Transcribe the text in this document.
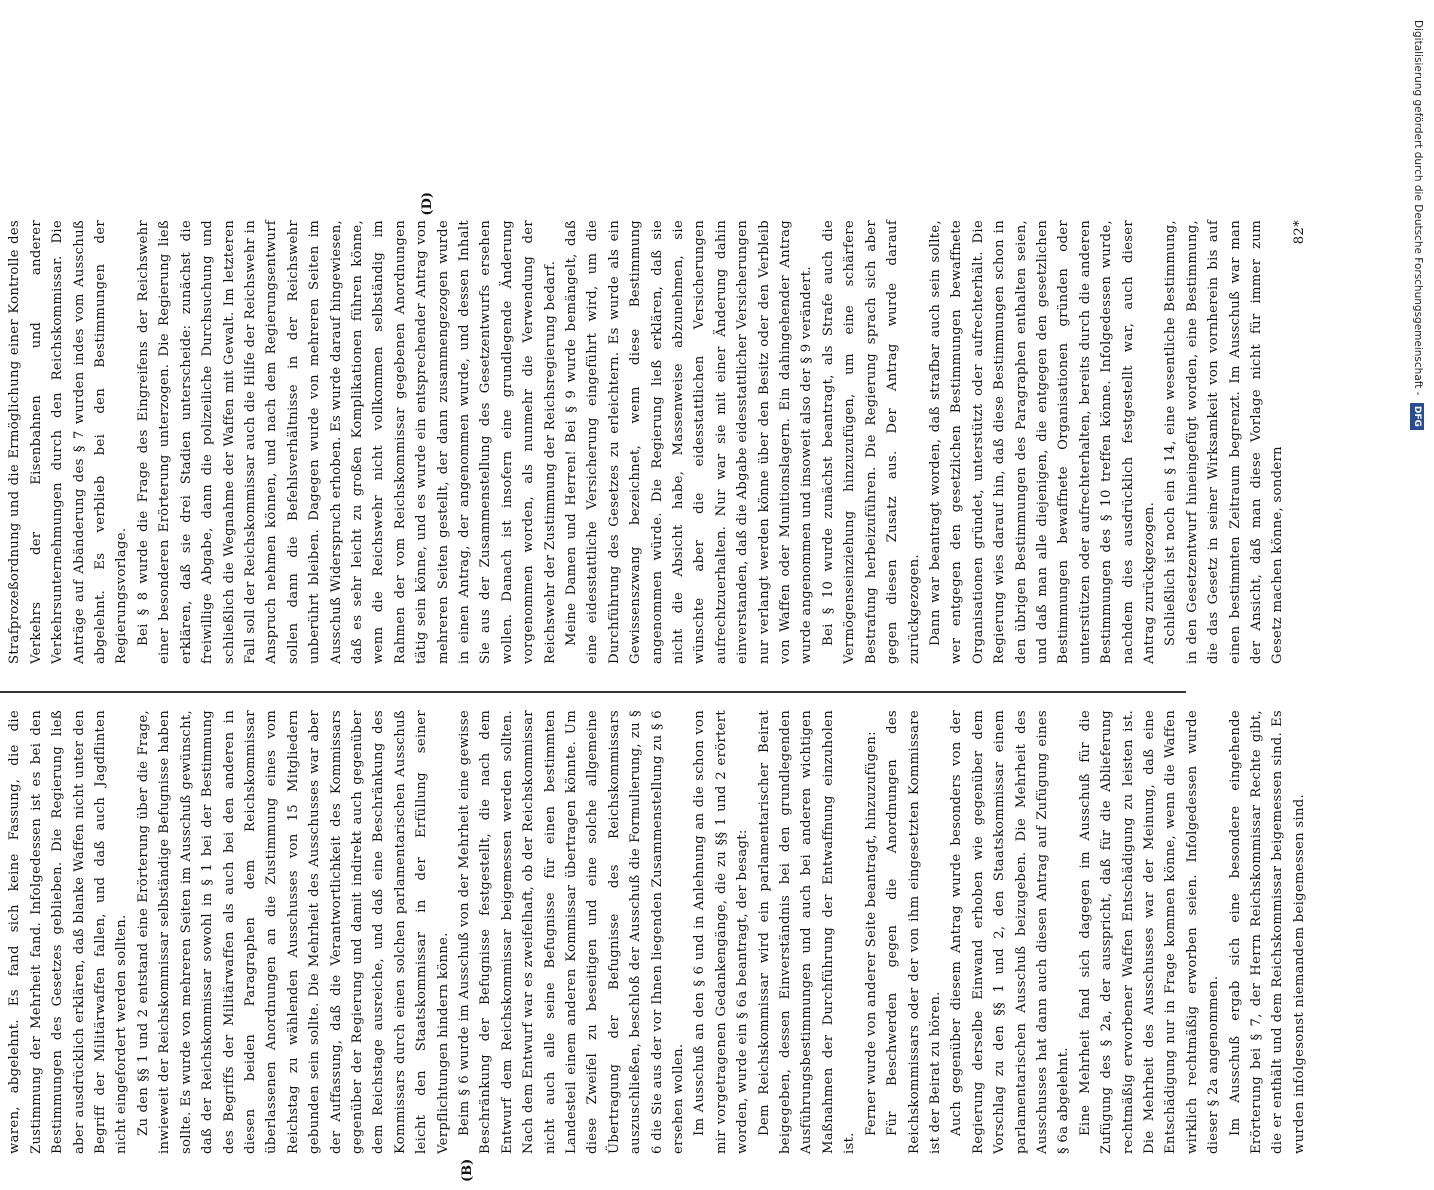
(B)
(D)

waren, abgelehnt. Es fand sich keine Fassung, die die Zustimmung der Mehrheit fand. Infolgedessen ist es bei den Bestimmungen des Gesetzes geblieben. Die Regierung ließ aber ausdrücklich erklären, daß blanke Waffen nicht unter den Begriff der Militärwaffen fallen, und daß auch Jagdflinten nicht eingefordert werden sollten. Zu den §§ 1 und 2 entstand eine Erörterung über die Frage, inwieweit der Reichskommissar selbständige Befugnisse haben sollte. Es wurde von mehreren Seiten im Ausschuß gewünscht, daß der Reichskommissar sowohl in § 1 bei der Bestimmung des Begriffs der Militärwaffen als auch bei den anderen in diesen beiden Paragraphen dem Reichskommissar überlassenen Anordnungen an die Zustimmung eines vom Reichstag zu wählenden Ausschusses von 15 Mitgliedern gebunden sein sollte. Die Mehrheit des Ausschusses war aber der Auffassung, daß die Verantwortlichkeit des Kommissars gegenüber der Regierung und damit indirekt auch gegenüber dem Reichstage ausreiche, und daß eine Beschränkung des Kommissars durch einen solchen parlamentarischen Ausschuß leicht den Staatskommissar in der Erfüllung seiner Verpflichtungen hindern könne. Beim § 6 wurde im Ausschuß von der Mehrheit eine gewisse Beschränkung der Befugnisse festgestellt, die nach dem Entwurf dem Reichskommissar beigemessen werden sollten. Nach dem Entwurf war es zweifelhaft, ob der Reichskommissar nicht auch alle seine Befugnisse für einen bestimmten Landesteil einem anderen Kommissar übertragen könnte. Um diese Zweifel zu beseitigen und eine solche allgemeine Übertragung der Befugnisse des Reichskommissars auszuschließen, beschloß der Ausschuß die Formulierung, zu § 6 die Sie aus der vor Ihnen liegenden Zusammenstellung zu § 6 ersehen wollen. Im Ausschuß an den § 6 und in Anlehnung an die schon von mir vorgetragenen Gedankengänge, die zu §§ 1 und 2 erörtert worden, wurde ein § 6a beantragt, der besagt: Dem Reichskommissar wird ein parlamentarischer Beirat beigegeben, dessen Einverständnis bei den grundlegenden Ausführungsbestimmungen und auch bei anderen wichtigen Maßnahmen der Durchführung der Entwaffnung einzuholen ist.

Ferner wurde von anderer Seite beantragt, hinzuzufügen: Für Beschwerden gegen die Anordnungen des Reichskommissars oder der von ihm eingesetzten Kommissare ist der Beirat zu hören. Auch gegenüber diesem Antrag wurde besonders von der Regierung derselbe Einwand erhoben wie gegenüber dem Vorschlag zu den §§ 1 und 2, den Staatskommissar einem parlamentarischen Ausschuß beizugeben. Die Mehrheit des Ausschusses hat dann auch diesen Antrag auf Zufügung eines § 6a abgelehnt. Eine Mehrheit fand sich dagegen im Ausschuß für die Zufügung des § 2a, der ausspricht, daß für die Ablieferung rechtmäßig erworbener Waffen Entschädigung zu leisten ist. Die Mehrheit des Ausschusses war der Meinung, daß eine Entschädigung nur in Frage kommen könne, wenn die Waffen wirklich rechtmäßig erworben seien. Infolgedessen wurde dieser § 2a angenommen. Im Ausschuß ergab sich eine besondere eingehende Erörterung bei § 7, der Herrn Reichskommissar Rechte gibt, die er enthält und dem Reichskommissar beigemessen sind. Es wurden infolgesonst niemandem beigemessen sind.

Strafprozeßordnung und die Ermöglichung einer Kontrolle des Verkehrs der Eisenbahnen und anderer Verkehrsunternehmungen durch den Reichskommissar. Die Anträge auf Abänderung des § 7 wurden indes vom Ausschuß abgelehnt. Es verblieb bei den Bestimmungen der Regierungsvorlage. Bei § 8 wurde die Frage des Eingreifens der Reichswehr einer besonderen Erörterung unterzogen. Die Regierung ließ erklären, daß sie drei Stadien unterscheide: zunächst die freiwillige Abgabe, dann die polizeiliche Durchsuchung und schließlich die Wegnahme der Waffen mit Gewalt. Im letzteren Fall soll der Reichskommissar auch die Hilfe der Reichswehr in Anspruch nehmen können, und nach dem Regierungsentwurf sollen dann die Befehlsverhältnisse in der Reichswehr unberührt bleiben. Dagegen wurde von mehreren Seiten im Ausschuß Widerspruch erhoben. Es wurde darauf hingewiesen, daß es sehr leicht zu großen Komplikationen führen könne, wenn die Reichswehr nicht vollkommen selbständig im Rahmen der vom Reichskommissar gegebenen Anordnungen tätig sein könne, und es wurde ein entsprechender Antrag von mehreren Seiten gestellt, der dann zusammengezogen wurde in einen Antrag, der angenommen wurde, und dessen Inhalt Sie aus der Zusammenstellung des Gesetzentwurfs ersehen wollen. Danach ist insofern eine grundlegende Änderung vorgenommen worden, als nunmehr die Verwendung der Reichswehr der Zustimmung der Reichsregierung bedarf. Meine Damen und Herren! Bei § 9 wurde bemängelt, daß eine eidesstattliche Versicherung eingeführt wird, um die Durchführung des Gesetzes zu erleichtern. Es wurde als ein Gewissenszwang bezeichnet, wenn diese Bestimmung angenommen würde. Die Regierung ließ erklären, daß sie nicht die Absicht habe, Massenweise abzunehmen, sie wünschte aber die eidesstattlichen Versicherungen aufrechtzuerhalten. Nur war sie mit einer Änderung dahin einverstanden, daß die Abgabe eidesstattlicher Versicherungen nur verlangt werden könne über den Besitz oder den Verbleib von Waffen oder Munitionslagern. Ein dahingehender Antrag wurde angenommen und insoweit also der § 9 verändert. Bei § 10 wurde zunächst beantragt, als Strafe auch die Vermögenseinziehung hinzuzufügen, um eine schärfere Bestrafung herbeizuführen. Die Regierung sprach sich aber gegen diesen Zusatz aus. Der Antrag wurde darauf zurückgezogen. Dann war beantragt worden, daß strafbar auch sein sollte, wer entgegen den gesetzlichen Bestimmungen bewaffnete Organisationen gründet, unterstützt oder aufrechterhält. Die Regierung wies darauf hin, daß diese Bestimmungen schon in den übrigen Bestimmungen des Paragraphen enthalten seien, und daß man alle diejenigen, die entgegen den gesetzlichen Bestimmungen bewaffnete Organisationen gründen oder unterstützen oder aufrechterhalten, bereits durch die anderen Bestimmungen des § 10 treffen könne. Infolgedessen wurde, nachdem dies ausdrücklich festgestellt war, auch dieser Antrag zurückgezogen. Schließlich ist noch ein § 14, eine wesentliche Bestimmung, in den Gesetzentwurf hineingefügt worden, eine Bestimmung, die das Gesetz in seiner Wirksamkeit von vornherein bis auf einen bestimmten Zeitraum begrenzt. Im Ausschuß war man der Ansicht, daß man diese Vorlage nicht für immer zum Gesetz machen könne, sondern

82*	Digitalisierung gefördert durch die Deutsche Forschungsgemeinschaft - DFG
